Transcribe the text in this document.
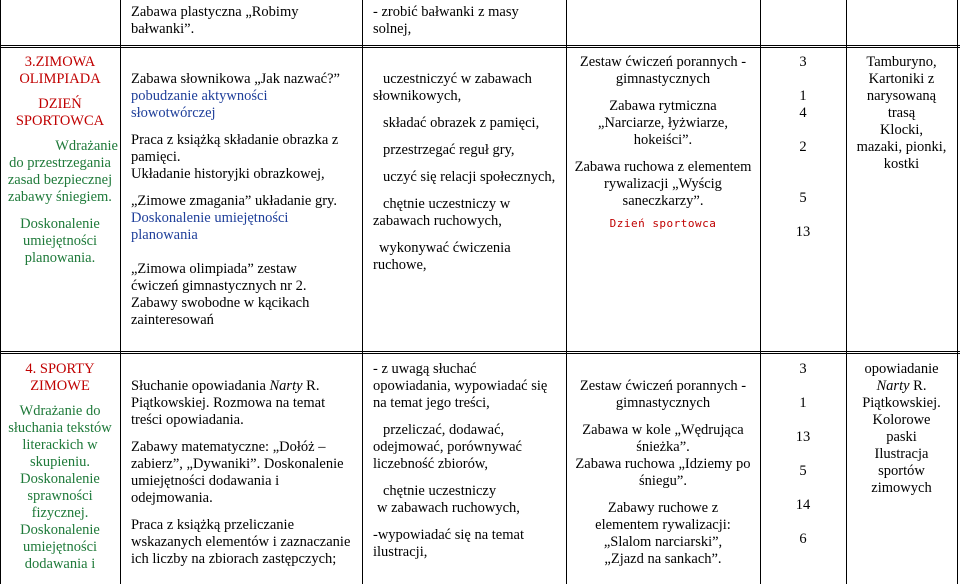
Zabawa plastyczna „Robimy

bałwanki”.

- zrobić bałwanki z masy

solnej,

3.ZIMOWA

OLIMPIADA

DZIEŃ

SPORTOWCA

Wdrażanie

do przestrzegania

zasad bezpiecznej

zabawy śniegiem.

Doskonalenie

umiejętności

planowania.

Zabawa słownikowa „Jak nazwać?”

pobudzanie aktywności

słowotwórczej

Praca z książką składanie obrazka z

pamięci.

Układanie historyjki obrazkowej,

„Zimowe zmagania” układanie gry.

Doskonalenie umiejętności

planowania

„Zimowa olimpiada” zestaw

ćwiczeń gimnastycznych nr 2.

Zabawy swobodne w kącikach

zainteresowań

uczestniczyć w zabawach

słownikowych,

składać obrazek z pamięci,

przestrzegać reguł gry,

uczyć się relacji społecznych,

chętnie uczestniczy w

zabawach ruchowych,

wykonywać ćwiczenia

ruchowe,

Zestaw ćwiczeń porannych -

gimnastycznych

Zabawa rytmiczna

„Narciarze, łyżwiarze,

hokeiści”.

Zabawa ruchowa z elementem

rywalizacji „Wyścig

saneczkarzy”.

Dzień sportowca

3

1

4

2

5

13

Tamburyno,

Kartoniki z

narysowaną

trasą

Klocki,

mazaki, pionki,

kostki

4. SPORTY

ZIMOWE

Wdrażanie do

słuchania tekstów

literackich w

skupieniu.

Doskonalenie

sprawności

fizycznej.

Doskonalenie

umiejętności

dodawania i

Słuchanie opowiadania Narty R.

Piątkowskiej. Rozmowa na temat

treści opowiadania.

Zabawy matematyczne: „Dołóż –

zabierz”, „Dywaniki”. Doskonalenie

umiejętności dodawania i

odejmowania.

Praca z książką przeliczanie

wskazanych elementów i zaznaczanie

ich liczby na zbiorach zastępczych;

- z uwagą słuchać

opowiadania, wypowiadać się

na temat jego treści,

przeliczać, dodawać,

odejmować, porównywać

liczebność zbiorów,

chętnie uczestniczy

w zabawach ruchowych,

-wypowiadać się na temat

ilustracji,

Zestaw ćwiczeń porannych -

gimnastycznych

Zabawa w kole „Wędrująca

śnieżka”.

Zabawa ruchowa „Idziemy po

śniegu”.

Zabawy ruchowe z

elementem rywalizacji:

„Slalom narciarski”,

„Zjazd na sankach”.

3

1

13

5

14

6

opowiadanie

Narty R.

Piątkowskiej.

Kolorowe

paski

Ilustracja

sportów

zimowych
